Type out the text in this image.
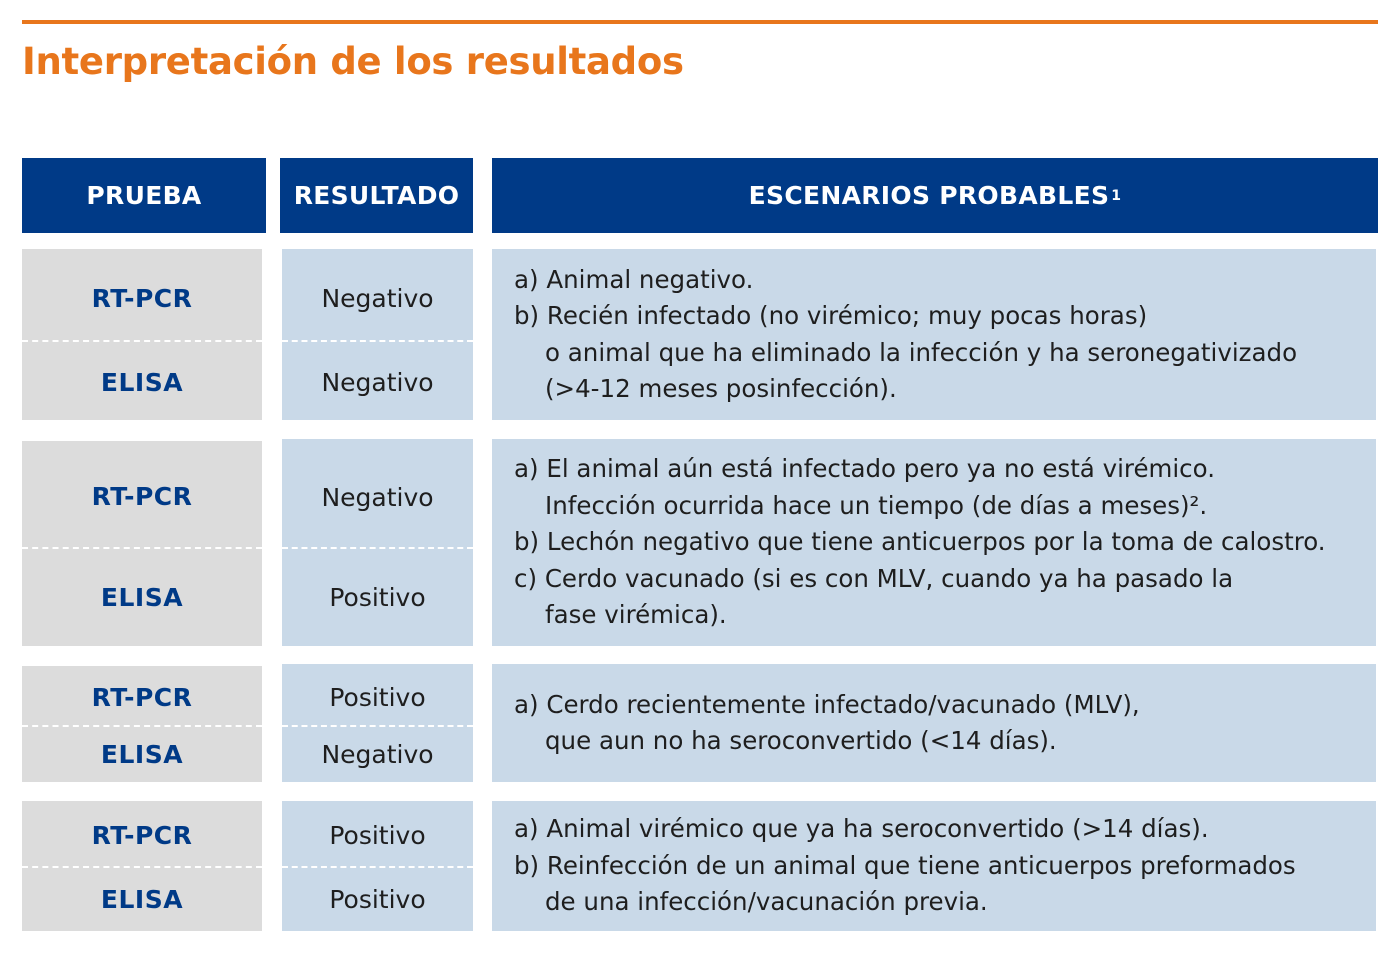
Interpretación de los resultados
PRUEBA	RESULTADO	ESCENARIOS PROBABLES 1
RT-PCR
ELISA
Negativo
Negativo
a) Animal negativo.
b) Recién infectado (no virémico; muy pocas horas)
o animal que ha eliminado la infección y ha seronegativizado
(>4-12 meses posinfección).
RT-PCR
ELISA
Negativo
Positivo
a) El animal aún está infectado pero ya no está virémico.
Infección ocurrida hace un tiempo (de días a meses)².
b) Lechón negativo que tiene anticuerpos por la toma de calostro.
c) Cerdo vacunado (si es con MLV, cuando ya ha pasado la
fase virémica).
RT-PCR
ELISA
Positivo
Negativo
a) Cerdo recientemente infectado/vacunado (MLV),
que aun no ha seroconvertido (<14 días).
RT-PCR
ELISA
Positivo
Positivo
a) Animal virémico que ya ha seroconvertido (>14 días).
b) Reinfección de un animal que tiene anticuerpos preformados
de una infección/vacunación previa.
